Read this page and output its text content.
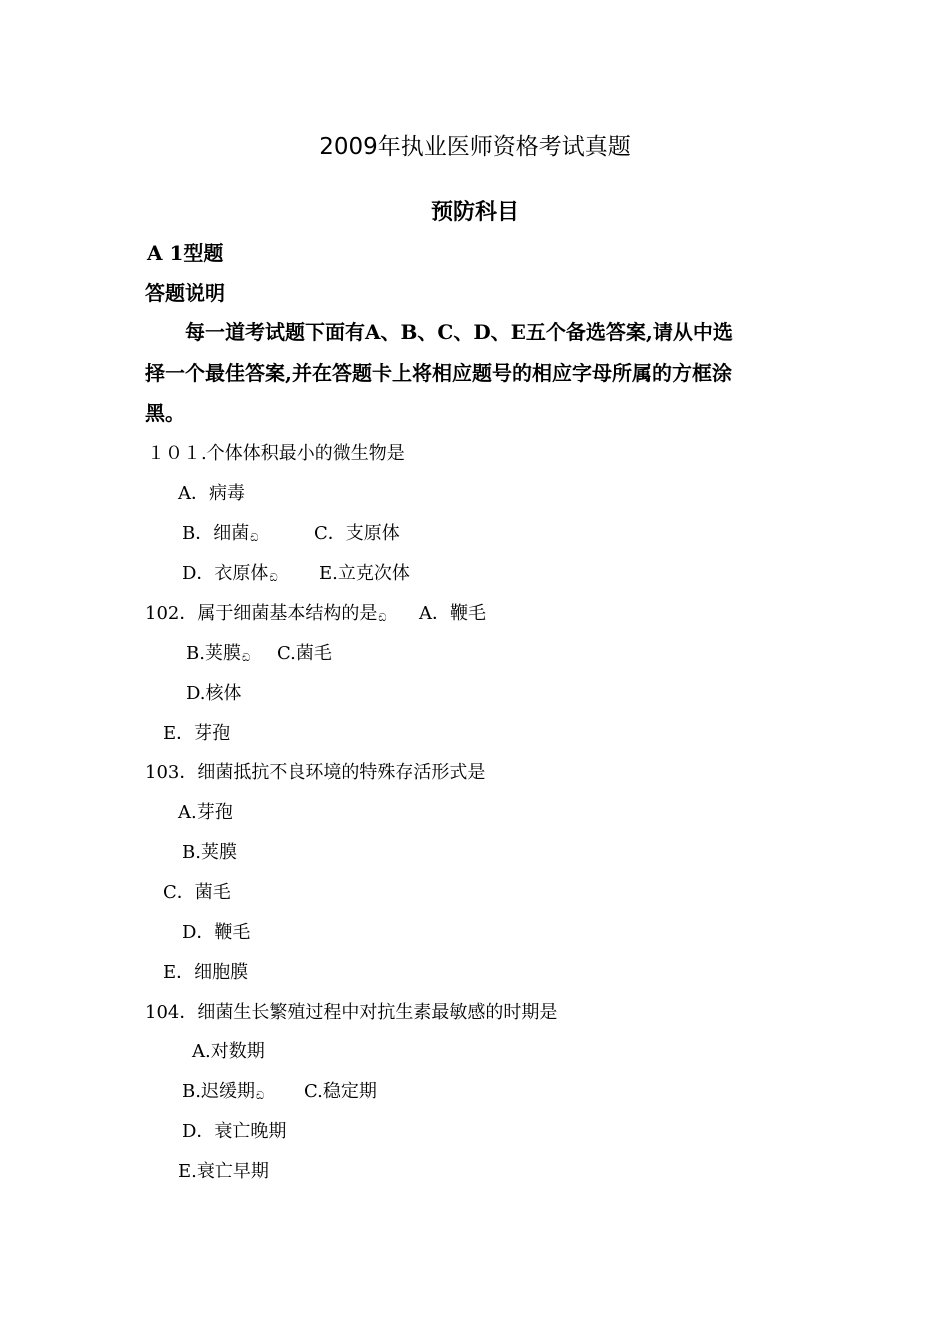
2009年执业医师资格考试真题
预防科目
A 1型题
答题说明
每一道考试题下面有A、B、C、D、E五个备选答案,请从中选
择一个最佳答案,并在答题卡上将相应题号的相应字母所属的方框涂
黑。
１０１.个体体积最小的微生物是
A．病毒
B．细菌ඩ	C．支原体
D．衣原体ඩ E.立克次体
102．属于细菌基本结构的是ඩ A．鞭毛
B.荚膜ඩ C.菌毛
D.核体
E．芽孢
103．细菌抵抗不良环境的特殊存活形式是
A.芽孢
B.荚膜
C．菌毛
D．鞭毛
E．细胞膜
104．细菌生长繁殖过程中对抗生素最敏感的时期是
A.对数期
B.迟缓期ඩ C.稳定期
D．衰亡晚期
E.衰亡早期
